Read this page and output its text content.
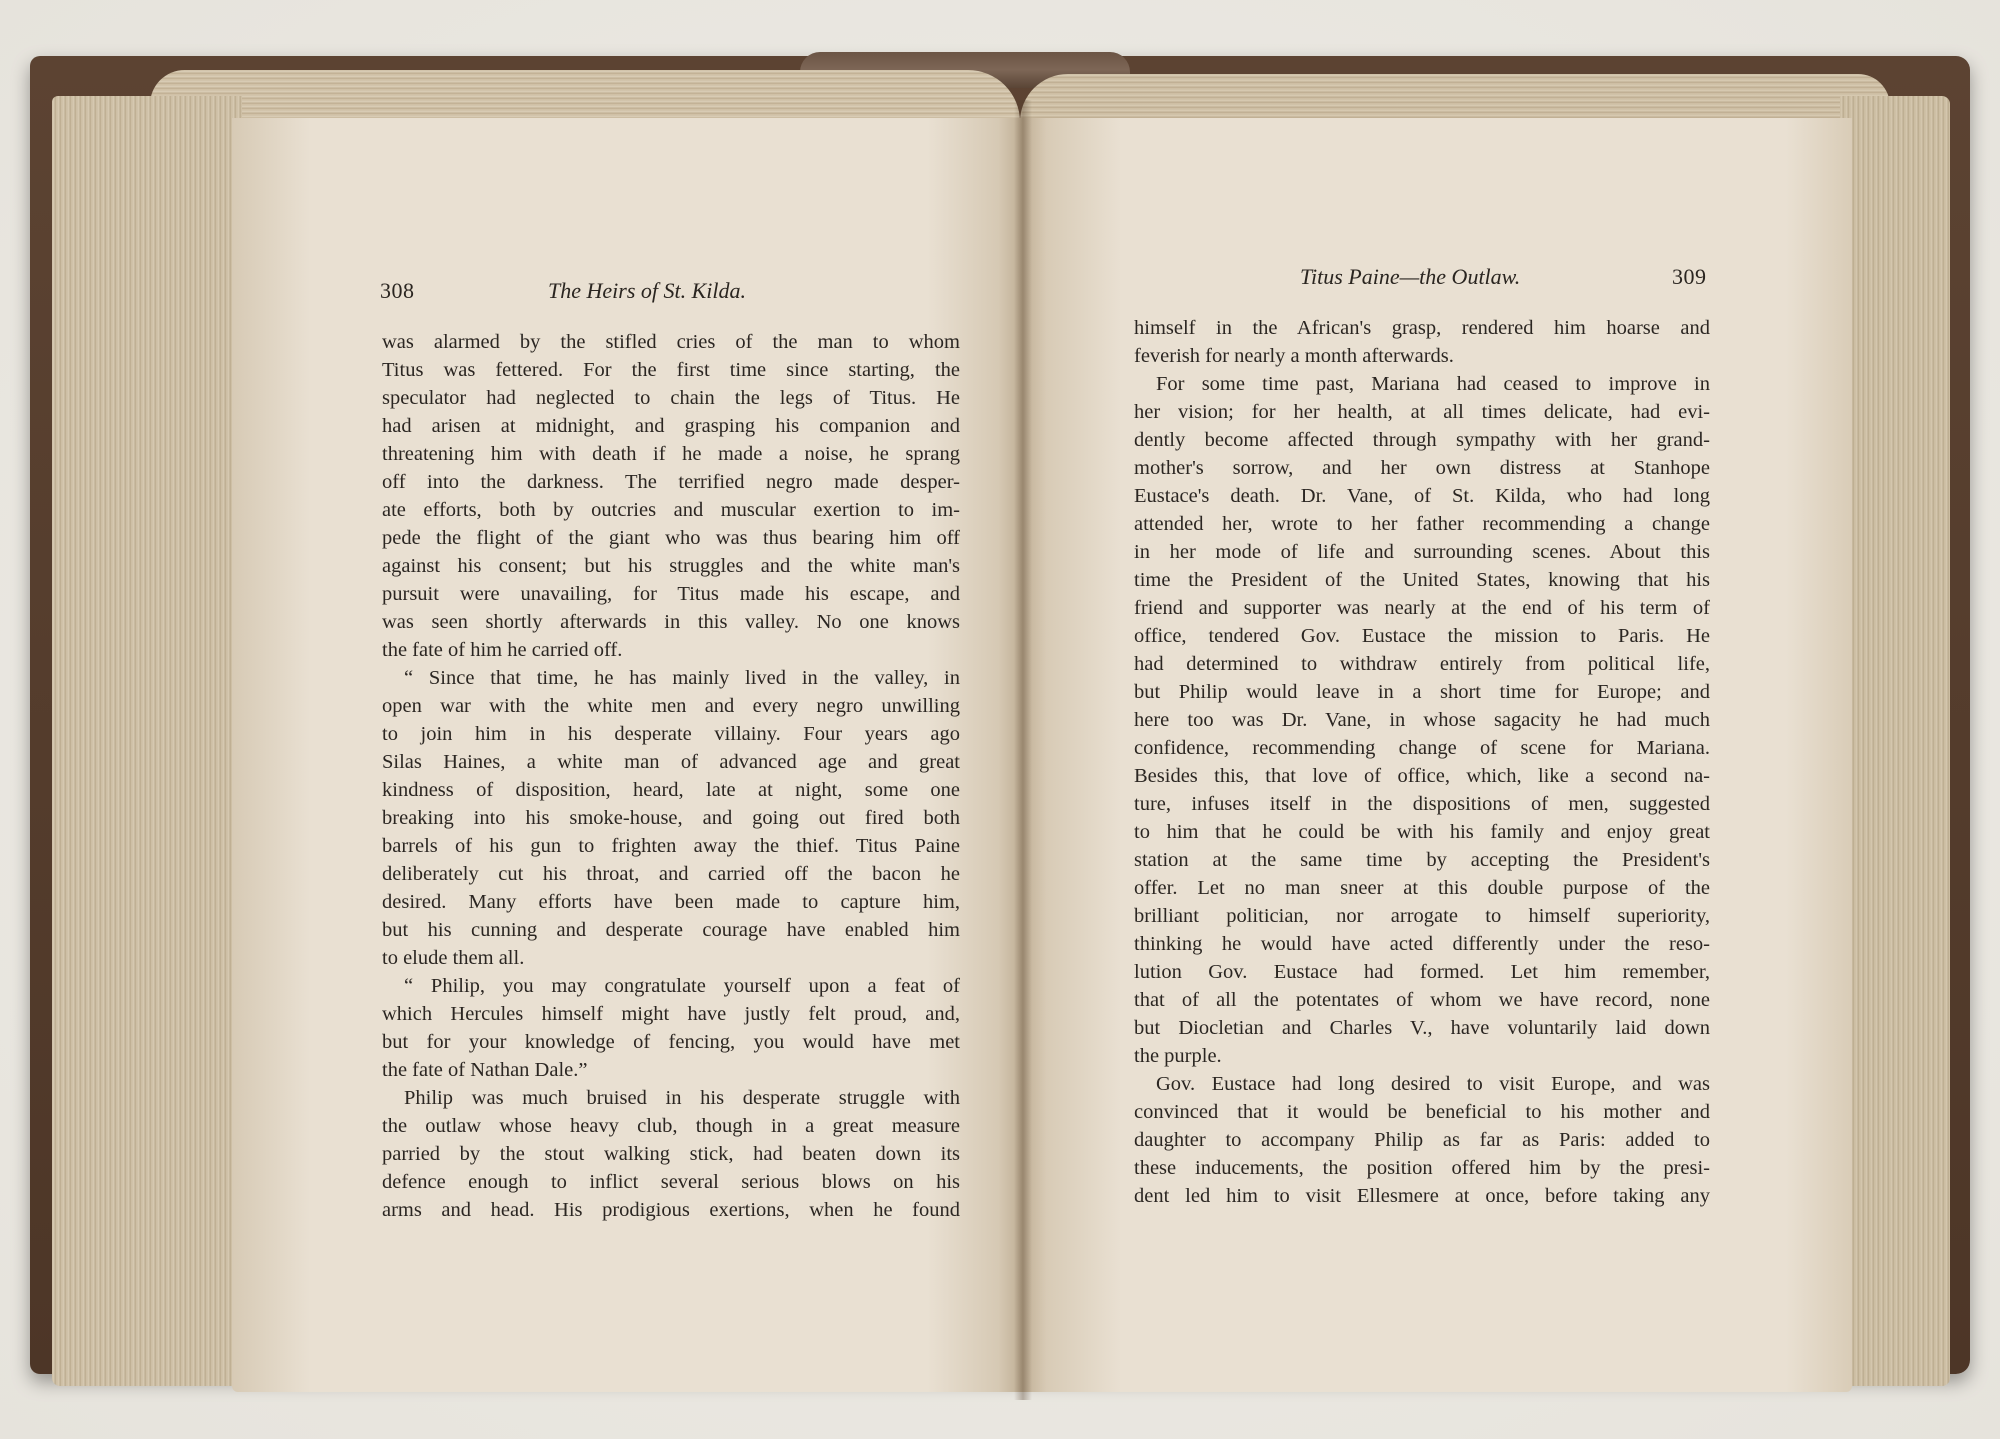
308	The Heirs of St. Kilda.
Titus Paine—the Outlaw.	309
was alarmed by the stifled cries of the man to whom
Titus was fettered. For the first time since starting, the
speculator had neglected to chain the legs of Titus. He
had arisen at midnight, and grasping his companion and
threatening him with death if he made a noise, he sprang
off into the darkness. The terrified negro made desper-
ate efforts, both by outcries and muscular exertion to im-
pede the flight of the giant who was thus bearing him off
against his consent; but his struggles and the white man's
pursuit were unavailing, for Titus made his escape, and
was seen shortly afterwards in this valley. No one knows
the fate of him he carried off.
“ Since that time, he has mainly lived in the valley, in
open war with the white men and every negro unwilling
to join him in his desperate villainy. Four years ago
Silas Haines, a white man of advanced age and great
kindness of disposition, heard, late at night, some one
breaking into his smoke-house, and going out fired both
barrels of his gun to frighten away the thief. Titus Paine
deliberately cut his throat, and carried off the bacon he
desired. Many efforts have been made to capture him,
but his cunning and desperate courage have enabled him
to elude them all.
“ Philip, you may congratulate yourself upon a feat of
which Hercules himself might have justly felt proud, and,
but for your knowledge of fencing, you would have met
the fate of Nathan Dale.”
Philip was much bruised in his desperate struggle with
the outlaw whose heavy club, though in a great measure
parried by the stout walking stick, had beaten down its
defence enough to inflict several serious blows on his
arms and head. His prodigious exertions, when he found
himself in the African's grasp, rendered him hoarse and
feverish for nearly a month afterwards.
For some time past, Mariana had ceased to improve in
her vision; for her health, at all times delicate, had evi-
dently become affected through sympathy with her grand-
mother's sorrow, and her own distress at Stanhope
Eustace's death. Dr. Vane, of St. Kilda, who had long
attended her, wrote to her father recommending a change
in her mode of life and surrounding scenes. About this
time the President of the United States, knowing that his
friend and supporter was nearly at the end of his term of
office, tendered Gov. Eustace the mission to Paris. He
had determined to withdraw entirely from political life,
but Philip would leave in a short time for Europe; and
here too was Dr. Vane, in whose sagacity he had much
confidence, recommending change of scene for Mariana.
Besides this, that love of office, which, like a second na-
ture, infuses itself in the dispositions of men, suggested
to him that he could be with his family and enjoy great
station at the same time by accepting the President's
offer. Let no man sneer at this double purpose of the
brilliant politician, nor arrogate to himself superiority,
thinking he would have acted differently under the reso-
lution Gov. Eustace had formed. Let him remember,
that of all the potentates of whom we have record, none
but Diocletian and Charles V., have voluntarily laid down
the purple.
Gov. Eustace had long desired to visit Europe, and was
convinced that it would be beneficial to his mother and
daughter to accompany Philip as far as Paris: added to
these inducements, the position offered him by the presi-
dent led him to visit Ellesmere at once, before taking any
